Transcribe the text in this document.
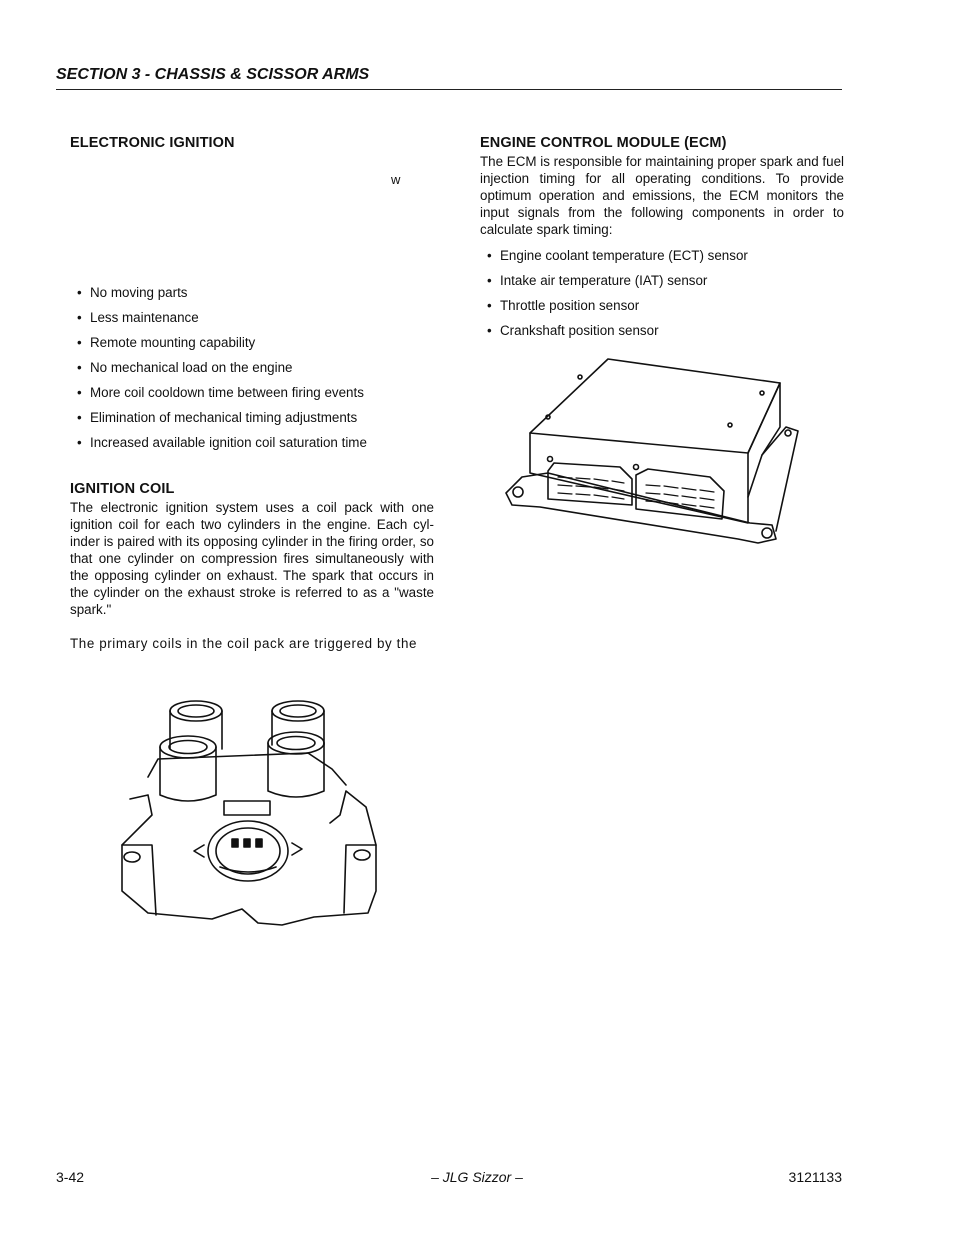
SECTION 3 - CHASSIS & SCISSOR ARMS
ELECTRONIC IGNITION
w
• No moving parts
• Less maintenance
• Remote mounting capability
• No mechanical load on the engine
• More coil cooldown time between firing events
• Elimination of mechanical timing adjustments
• Increased available ignition coil saturation time
IGNITION COIL

The electronic ignition system uses a coil pack with one ignition coil for each two cylinders in the engine. Each cyl-inder is paired with its opposing cylinder in the firing order, so that one cylinder on compression fires simultaneously with the opposing cylinder on exhaust. The spark that occurs in the cylinder on the exhaust stroke is referred to as a "waste spark."

The primary coils in the coil pack are triggered by the

ENGINE CONTROL MODULE (ECM)

The ECM is responsible for maintaining proper spark and fuel injection timing for all operating conditions. To provide optimum operation and emissions, the ECM monitors the input signals from the following components in order to calculate spark timing:

• Engine coolant temperature (ECT) sensor
• Intake air temperature (IAT) sensor
• Throttle position sensor
• Crankshaft position sensor
3-42	– JLG Sizzor –	3121133
